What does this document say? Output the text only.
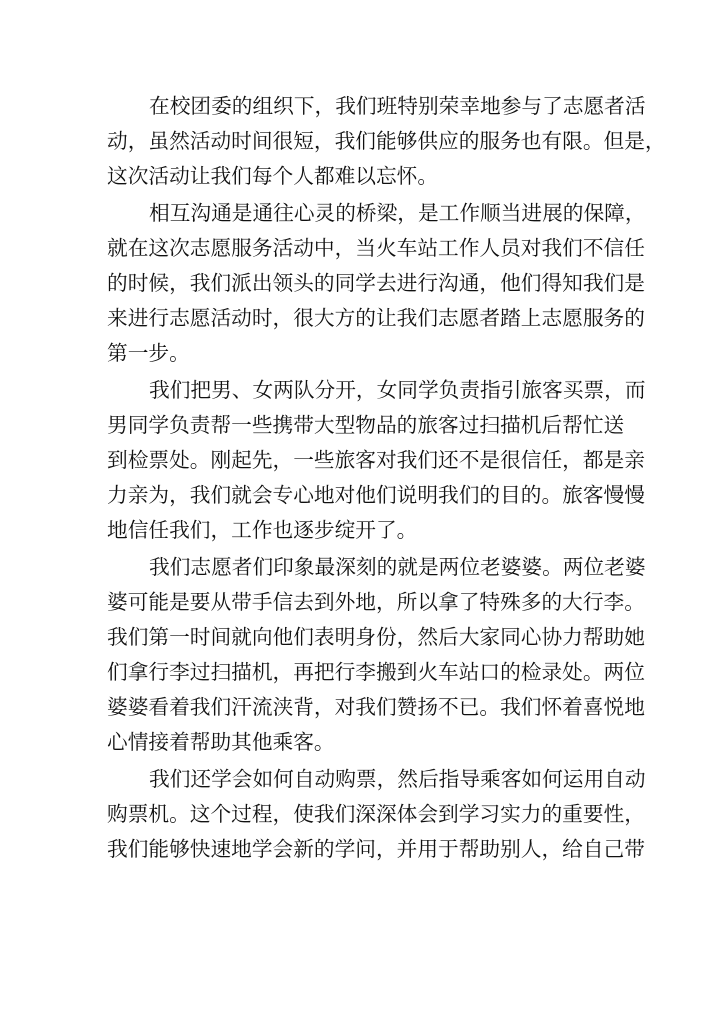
在校团委的组织下，我们班特别荣幸地参与了志愿者活
动，虽然活动时间很短，我们能够供应的服务也有限。但是，
这次活动让我们每个人都难以忘怀。

相互沟通是通往心灵的桥梁，是工作顺当进展的保障，
就在这次志愿服务活动中，当火车站工作人员对我们不信任
的时候，我们派出领头的同学去进行沟通，他们得知我们是
来进行志愿活动时，很大方的让我们志愿者踏上志愿服务的
第一步。

我们把男、女两队分开，女同学负责指引旅客买票，而
男同学负责帮一些携带大型物品的旅客过扫描机后帮忙送
到检票处。刚起先，一些旅客对我们还不是很信任，都是亲
力亲为，我们就会专心地对他们说明我们的目的。旅客慢慢
地信任我们，工作也逐步绽开了。

我们志愿者们印象最深刻的就是两位老婆婆。两位老婆
婆可能是要从带手信去到外地，所以拿了特殊多的大行李。
我们第一时间就向他们表明身份，然后大家同心协力帮助她
们拿行李过扫描机，再把行李搬到火车站口的检录处。两位
婆婆看着我们汗流浃背，对我们赞扬不已。我们怀着喜悦地
心情接着帮助其他乘客。

我们还学会如何自动购票，然后指导乘客如何运用自动
购票机。这个过程，使我们深深体会到学习实力的重要性，
我们能够快速地学会新的学问，并用于帮助别人，给自己带
